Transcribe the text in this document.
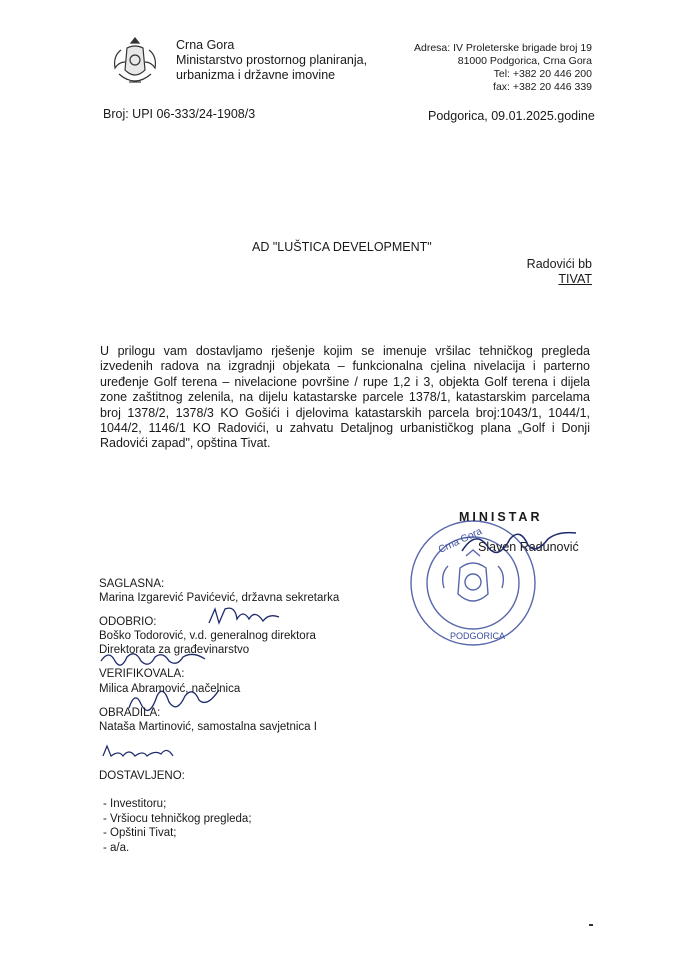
Crna Gora
Ministarstvo prostornog planiranja,
urbanizma i državne imovine
Adresa: IV Proleterske brigade broj 19
81000 Podgorica, Crna Gora
Tel: +382 20 446 200
fax: +382 20 446 339
Broj: UPI 06-333/24-1908/3	Podgorica, 09.01.2025.godine
AD "LUŠTICA DEVELOPMENT"
Radovići bb
TIVAT
U prilogu vam dostavljamo rješenje kojim se imenuje vršilac tehničkog pregleda izvedenih radova na izgradnji objekata – funkcionalna cjelina nivelacija i parterno uređenje Golf terena – nivelacione površine / rupe 1,2 i 3, objekta Golf terena i dijela zone zaštitnog zelenila, na dijelu katastarske parcele 1378/1, katastarskim parcelama broj 1378/2, 1378/3 KO Gošići i djelovima katastarskih parcela broj:1043/1, 1044/1, 1044/2, 1146/1 KO Radovići, u zahvatu Detaljnog urbanističkog plana „Golf i Donji Radovići zapad", opština Tivat.
Crna Gora
PODGORICA
MINISTAR
Slaven Radunović
SAGLASNA:
Marina Izgarević Pavićević, državna sekretarka
ODOBRIO:
Boško Todorović, v.d. generalnog direktora
Direktorata za građevinarstvo
VERIFIKOVALA:
Milica Abramović, načelnica
OBRADILA:
Nataša Martinović, samostalna savjetnica I
DOSTAVLJENO:
- Investitoru;
- Vršiocu tehničkog pregleda;
- Opštini Tivat;
- a/a.
